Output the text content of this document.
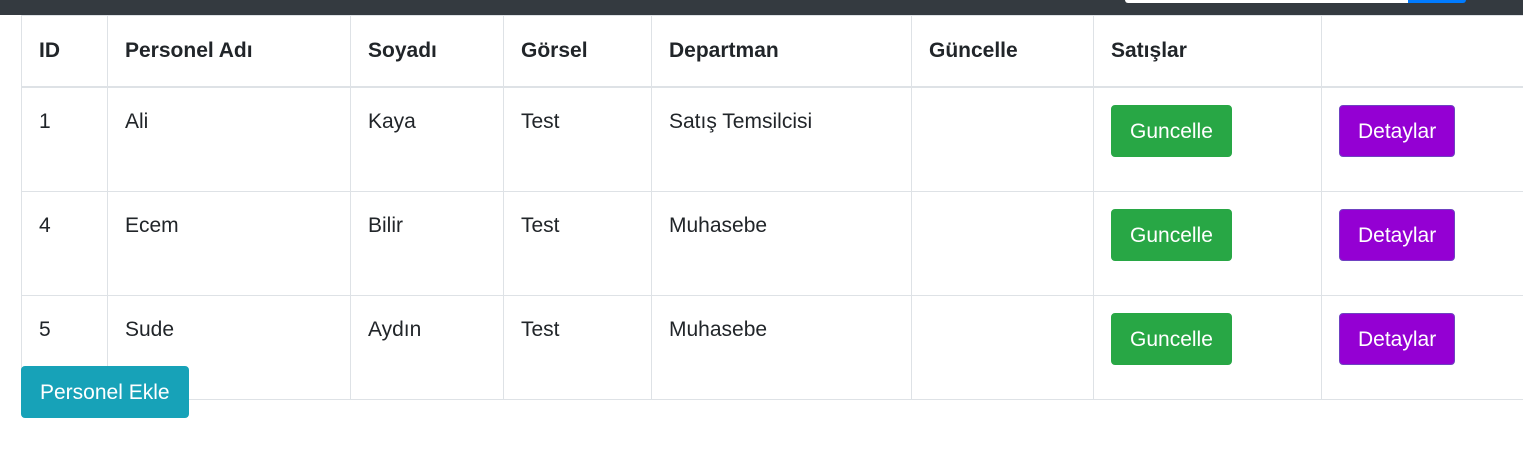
ID	Personel Adı	Soyadı	Görsel	Departman	Güncelle	Satışlar	
1	Ali	Kaya	Test	Satış Temsilcisi		Guncelle	Detaylar
4	Ecem	Bilir	Test	Muhasebe		Guncelle	Detaylar
5	Sude	Aydın	Test	Muhasebe		Guncelle	Detaylar
Personel Ekle
